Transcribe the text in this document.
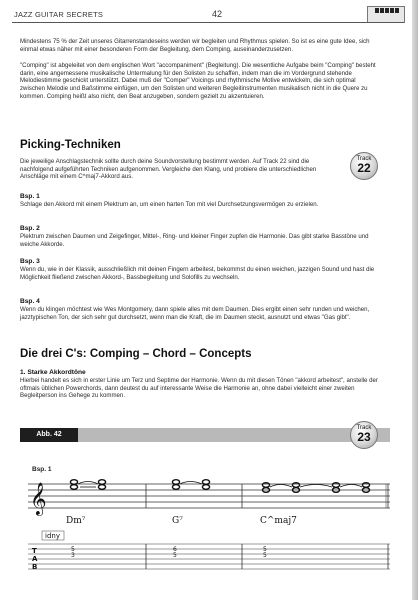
JAZZ GUITAR SECRETS	42

Mindestens 75 % der Zeit unseres Gitarrenstandeseins werden wir begleiten und Rhythmus spielen. So ist es eine gute Idee, sich einmal etwas näher mit einer besonderen Form der Begleitung, dem Comping, auseinanderzusetzen.

"Comping" ist abgeleitet von dem englischen Wort "accompaniment" (Begleitung). Die wesentliche Aufgabe beim "Comping" besteht darin, eine angemessene musikalische Untermalung für den Solisten zu schaffen, indem man die im Vordergrund stehende Melodiestimme geschickt unterstützt. Dabei muß der "Comper" Voicings und rhythmische Motive entwickeln, die sich optimal zwischen Melodie und Baßstimme einfügen, um den Solisten und weiteren Begleitinstrumenten musikalisch nicht in die Quere zu kommen. Comping heißt also nicht, den Beat anzugeben, sondern gezielt zu akzentuieren.

Picking-Techniken
Track
22

Die jeweilige Anschlagstechnik sollte durch deine Soundvorstellung bestimmt werden. Auf Track 22 sind die nachfolgend aufgeführten Techniken aufgenommen. Vergleiche den Klang, und probiere die unterschiedlichen Anschläge mit einem C^maj7-Akkord aus.

Bsp. 1

Schlage den Akkord mit einem Plektrum an, um einen harten Ton mit viel Durchsetzungsvermögen zu erzielen.

Bsp. 2

Plektrum zwischen Daumen und Zeigefinger, Mittel-, Ring- und kleiner Finger zupfen die Harmonie. Das gibt starke Basstöne und weiche Akkorde.

Bsp. 3

Wenn du, wie in der Klassik, ausschließlich mit deinen Fingern arbeitest, bekommst du einen weichen, jazzigen Sound und hast die Möglichkeit fließend zwischen Akkord-, Bassbegleitung und Solofills zu wechseln.

Bsp. 4

Wenn du klingen möchtest wie Wes Montgomery, dann spiele alles mit dem Daumen. Dies ergibt einen sehr runden und weichen, jazztypischen Ton, der sich sehr gut durchsetzt, wenn man die Kraft, die im Daumen steckt, ausnutzt und etwas "Gas gibt".

Die drei C's: Comping – Chord – Concepts
1. Starke Akkordtöne

Hierbei handelt es sich in erster Linie um Terz und Septime der Harmonie. Wenn du mit diesen Tönen "akkord arbeitest", anstelle der oftmals üblichen Powerchords, dann deutest du auf interessante Weise die Harmonie an, ohne dabei vielleicht einer zweiten Begleitperson ins Gehege zu kommen.

Abb. 42
Track
23
Bsp. 1
𝄞
Dm⁷	G⁷	C^maj7
idny
T
A
B
5
3
6
5
5
5
